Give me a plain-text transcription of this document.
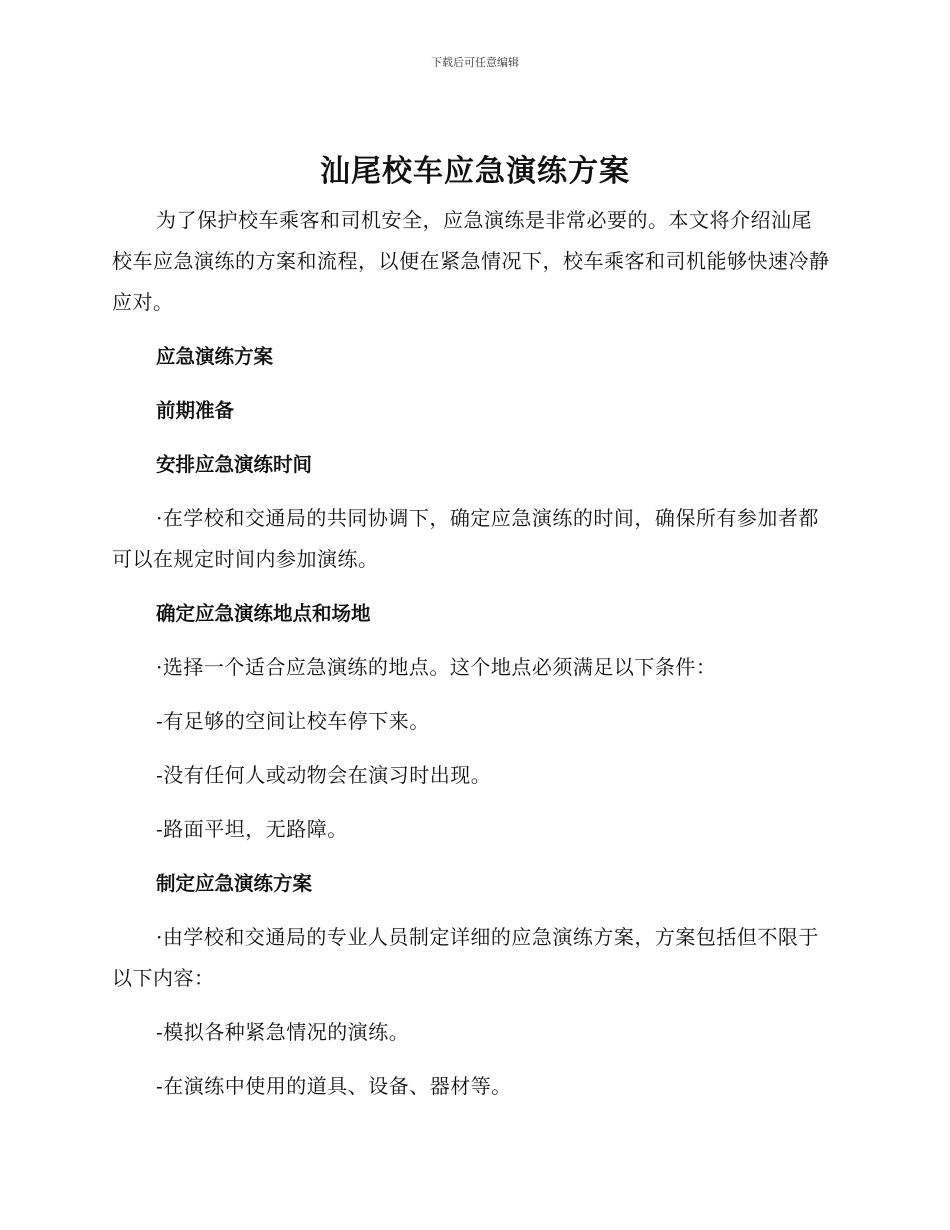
下载后可任意编辑
汕尾校车应急演练方案

为了保护校车乘客和司机安全，应急演练是非常必要的。本文将介绍汕尾校车应急演练的方案和流程，以便在紧急情况下，校车乘客和司机能够快速冷静应对。

应急演练方案

前期准备

安排应急演练时间

·在学校和交通局的共同协调下，确定应急演练的时间，确保所有参加者都可以在规定时间内参加演练。

确定应急演练地点和场地

·选择一个适合应急演练的地点。这个地点必须满足以下条件：

-有足够的空间让校车停下来。

-没有任何人或动物会在演习时出现。

-路面平坦，无路障。

制定应急演练方案

·由学校和交通局的专业人员制定详细的应急演练方案，方案包括但不限于以下内容：

-模拟各种紧急情况的演练。

-在演练中使用的道具、设备、器材等。
